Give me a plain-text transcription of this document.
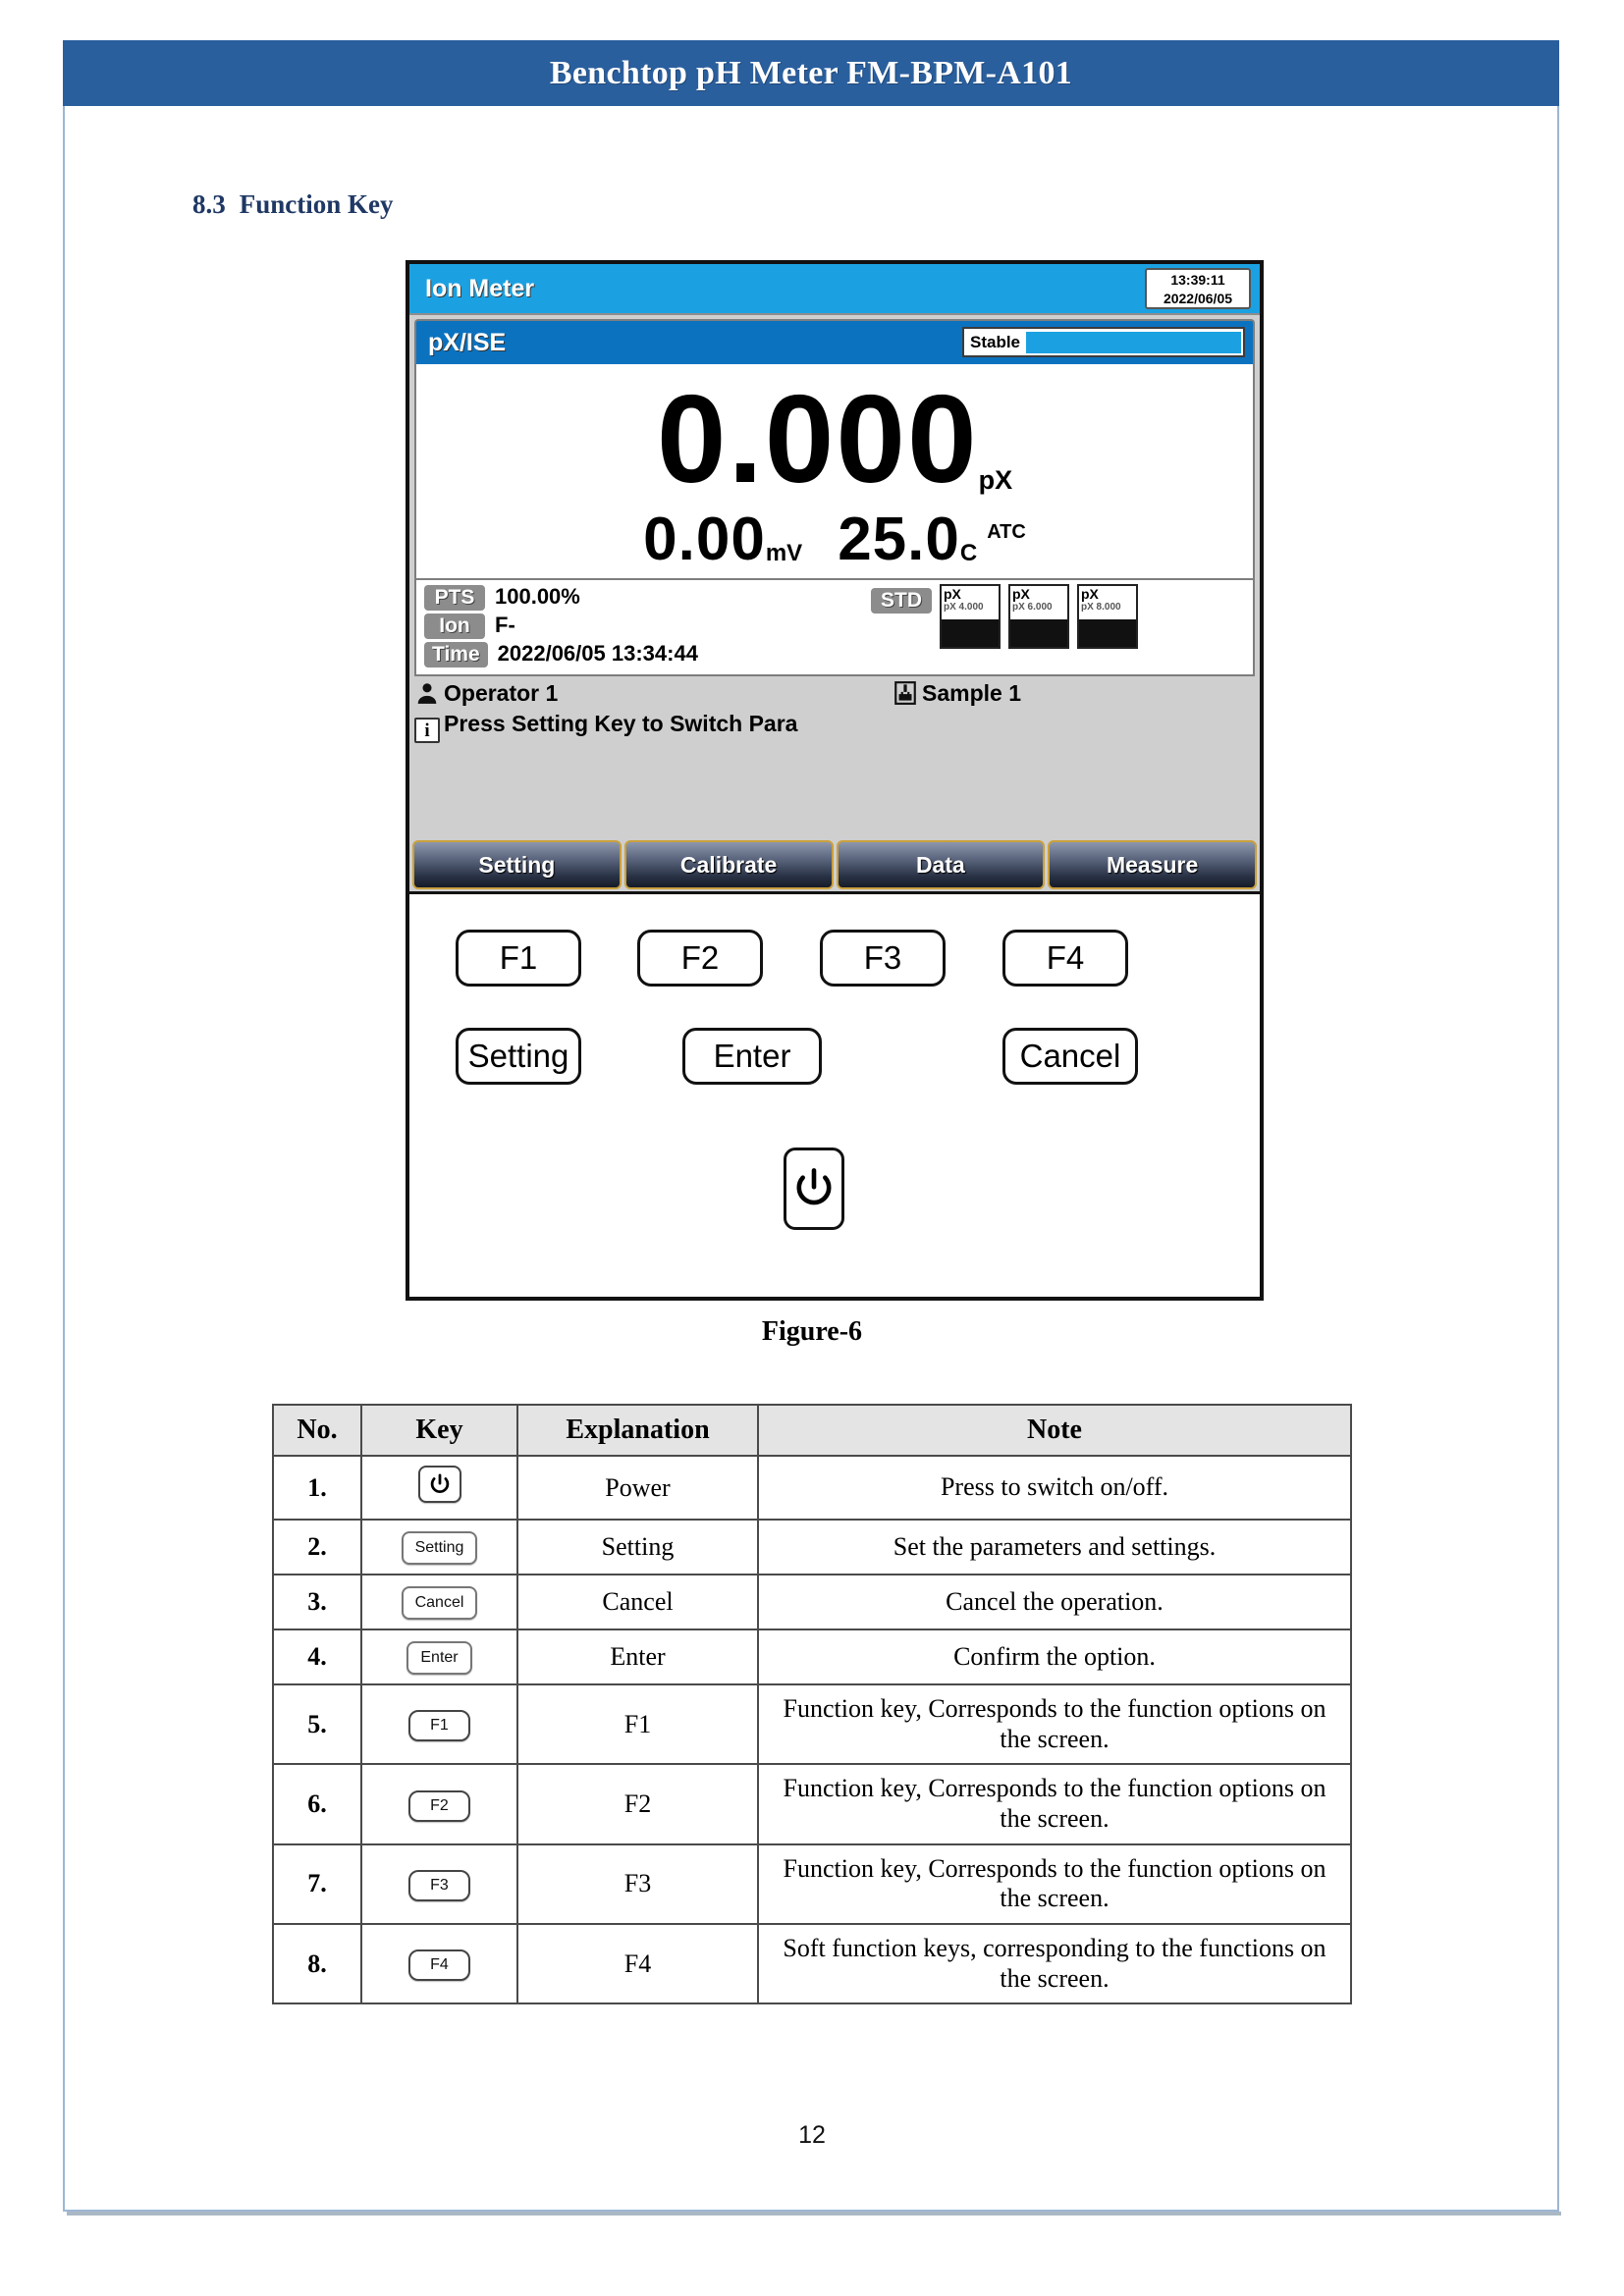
Benchtop pH Meter FM-BPM-A101
8.3 Function Key
Ion Meter	13:39:11
2022/06/05
pX/ISE	Stable
0.000pX
0.00mV 25.0CATC
PTS 100.00%
Ion F-
Time 2022/06/05 13:34:44
STD	pX
pX 4.000
pX
pX 6.000
pX
pX 8.000
Operator 1	Sample 1
i Press Setting Key to Switch Para
Setting	Calibrate	Data	Measure
F1	F2	F3	F4
Setting	Enter	Cancel
Figure-6
No.	Key	Explanation	Note
1.		Power	Press to switch on/off.
2.	Setting	Setting	Set the parameters and settings.
3.	Cancel	Cancel	Cancel the operation.
4.	Enter	Enter	Confirm the option.
5.	F1	F1	Function key, Corresponds to the function options on the screen.
6.	F2	F2	Function key, Corresponds to the function options on the screen.
7.	F3	F3	Function key, Corresponds to the function options on the screen.
8.	F4	F4	Soft function keys, corresponding to the functions on the screen.
12
